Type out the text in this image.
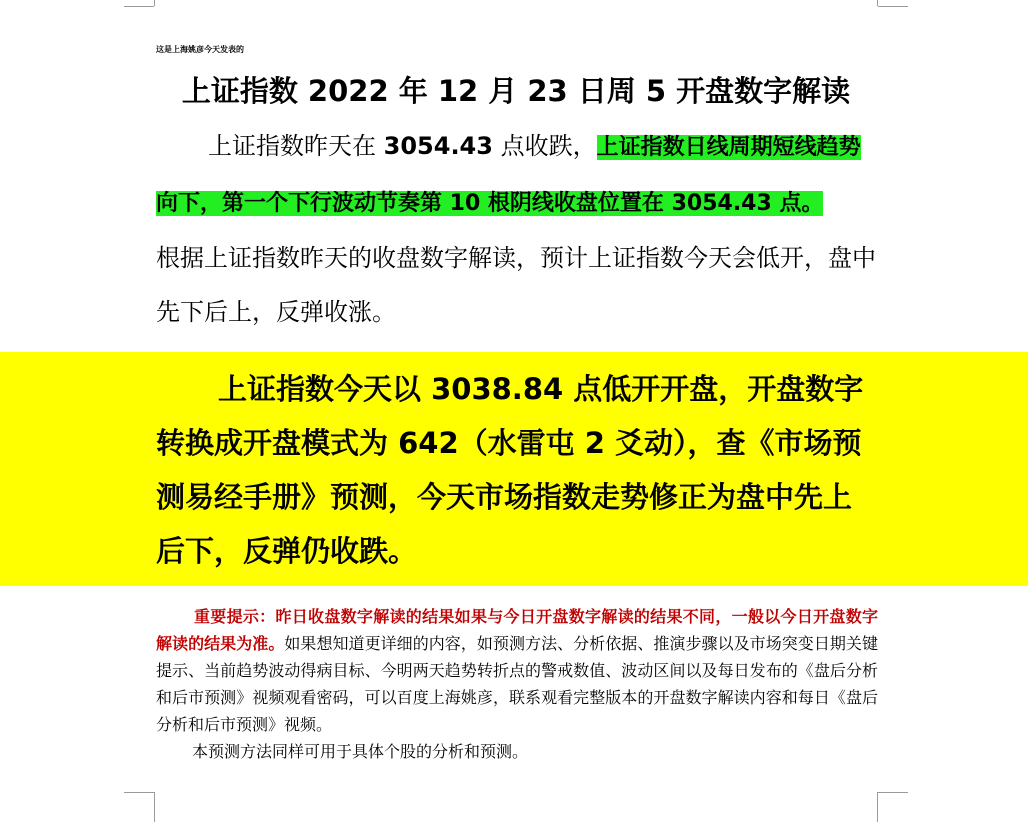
这是上海姚彦今天发表的
上证指数 2022 年 12 月 23 日周 5 开盘数字解读
上证指数昨天在 3054.43 点收跌，上证指数日线周期短线趋势向下，第一个下行波动节奏第 10 根阴线收盘位置在 3054.43 点。
根据上证指数昨天的收盘数字解读，预计上证指数今天会低开，盘中先下后上，反弹收涨。
上证指数今天以 3038.84 点低开开盘，开盘数字转换成开盘模式为 642（水雷屯 2 爻动），查《市场预测易经手册》预测，今天市场指数走势修正为盘中先上后下，反弹仍收跌。
重要提示：昨日收盘数字解读的结果如果与今日开盘数字解读的结果不同，一般以今日开盘数字解读的结果为准。如果想知道更详细的内容，如预测方法、分析依据、推演步骤以及市场突变日期关键提示、当前趋势波动得病目标、今明两天趋势转折点的警戒数值、波动区间以及每日发布的《盘后分析和后市预测》视频观看密码，可以百度上海姚彦，联系观看完整版本的开盘数字解读内容和每日《盘后分析和后市预测》视频。
本预测方法同样可用于具体个股的分析和预测。
